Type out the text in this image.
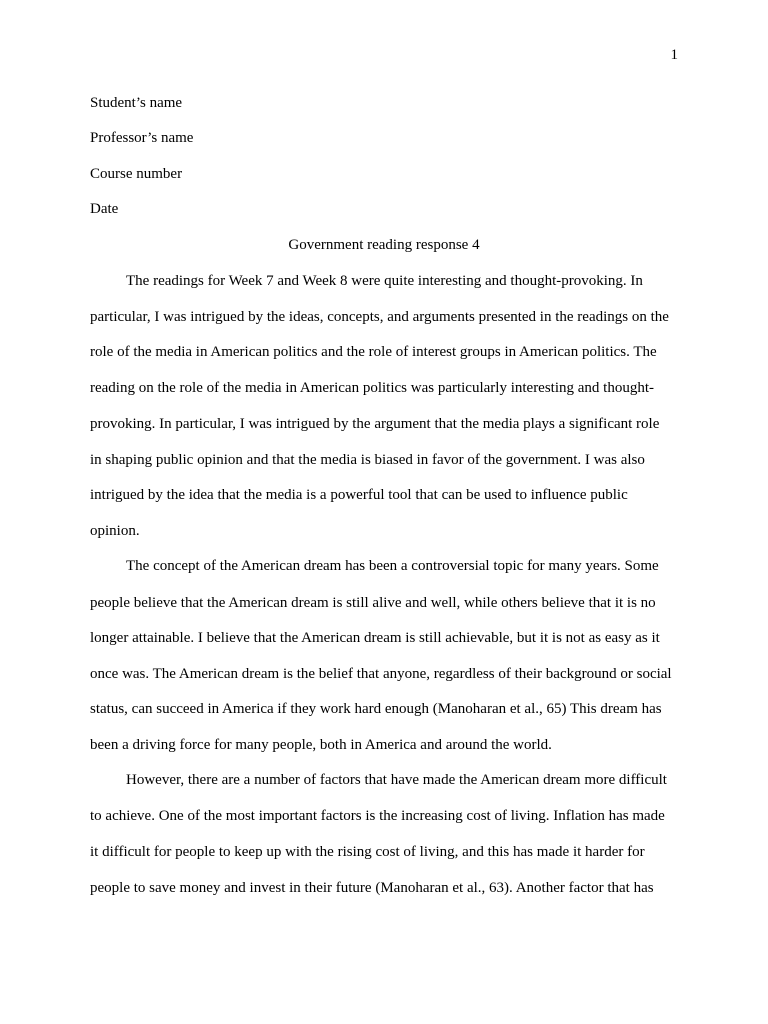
1
Student’s name
Professor’s name
Course number
Date
Government reading response 4
The readings for Week 7 and Week 8 were quite interesting and thought-provoking. In
particular, I was intrigued by the ideas, concepts, and arguments presented in the readings on the
role of the media in American politics and the role of interest groups in American politics. The
reading on the role of the media in American politics was particularly interesting and thought-
provoking. In particular, I was intrigued by the argument that the media plays a significant role
in shaping public opinion and that the media is biased in favor of the government. I was also
intrigued by the idea that the media is a powerful tool that can be used to influence public
opinion.
The concept of the American dream has been a controversial topic for many years. Some
people believe that the American dream is still alive and well, while others believe that it is no
longer attainable. I believe that the American dream is still achievable, but it is not as easy as it
once was. The American dream is the belief that anyone, regardless of their background or social
status, can succeed in America if they work hard enough (Manoharan et al., 65) This dream has
been a driving force for many people, both in America and around the world.
However, there are a number of factors that have made the American dream more difficult
to achieve. One of the most important factors is the increasing cost of living. Inflation has made
it difficult for people to keep up with the rising cost of living, and this has made it harder for
people to save money and invest in their future (Manoharan et al., 63). Another factor that has
